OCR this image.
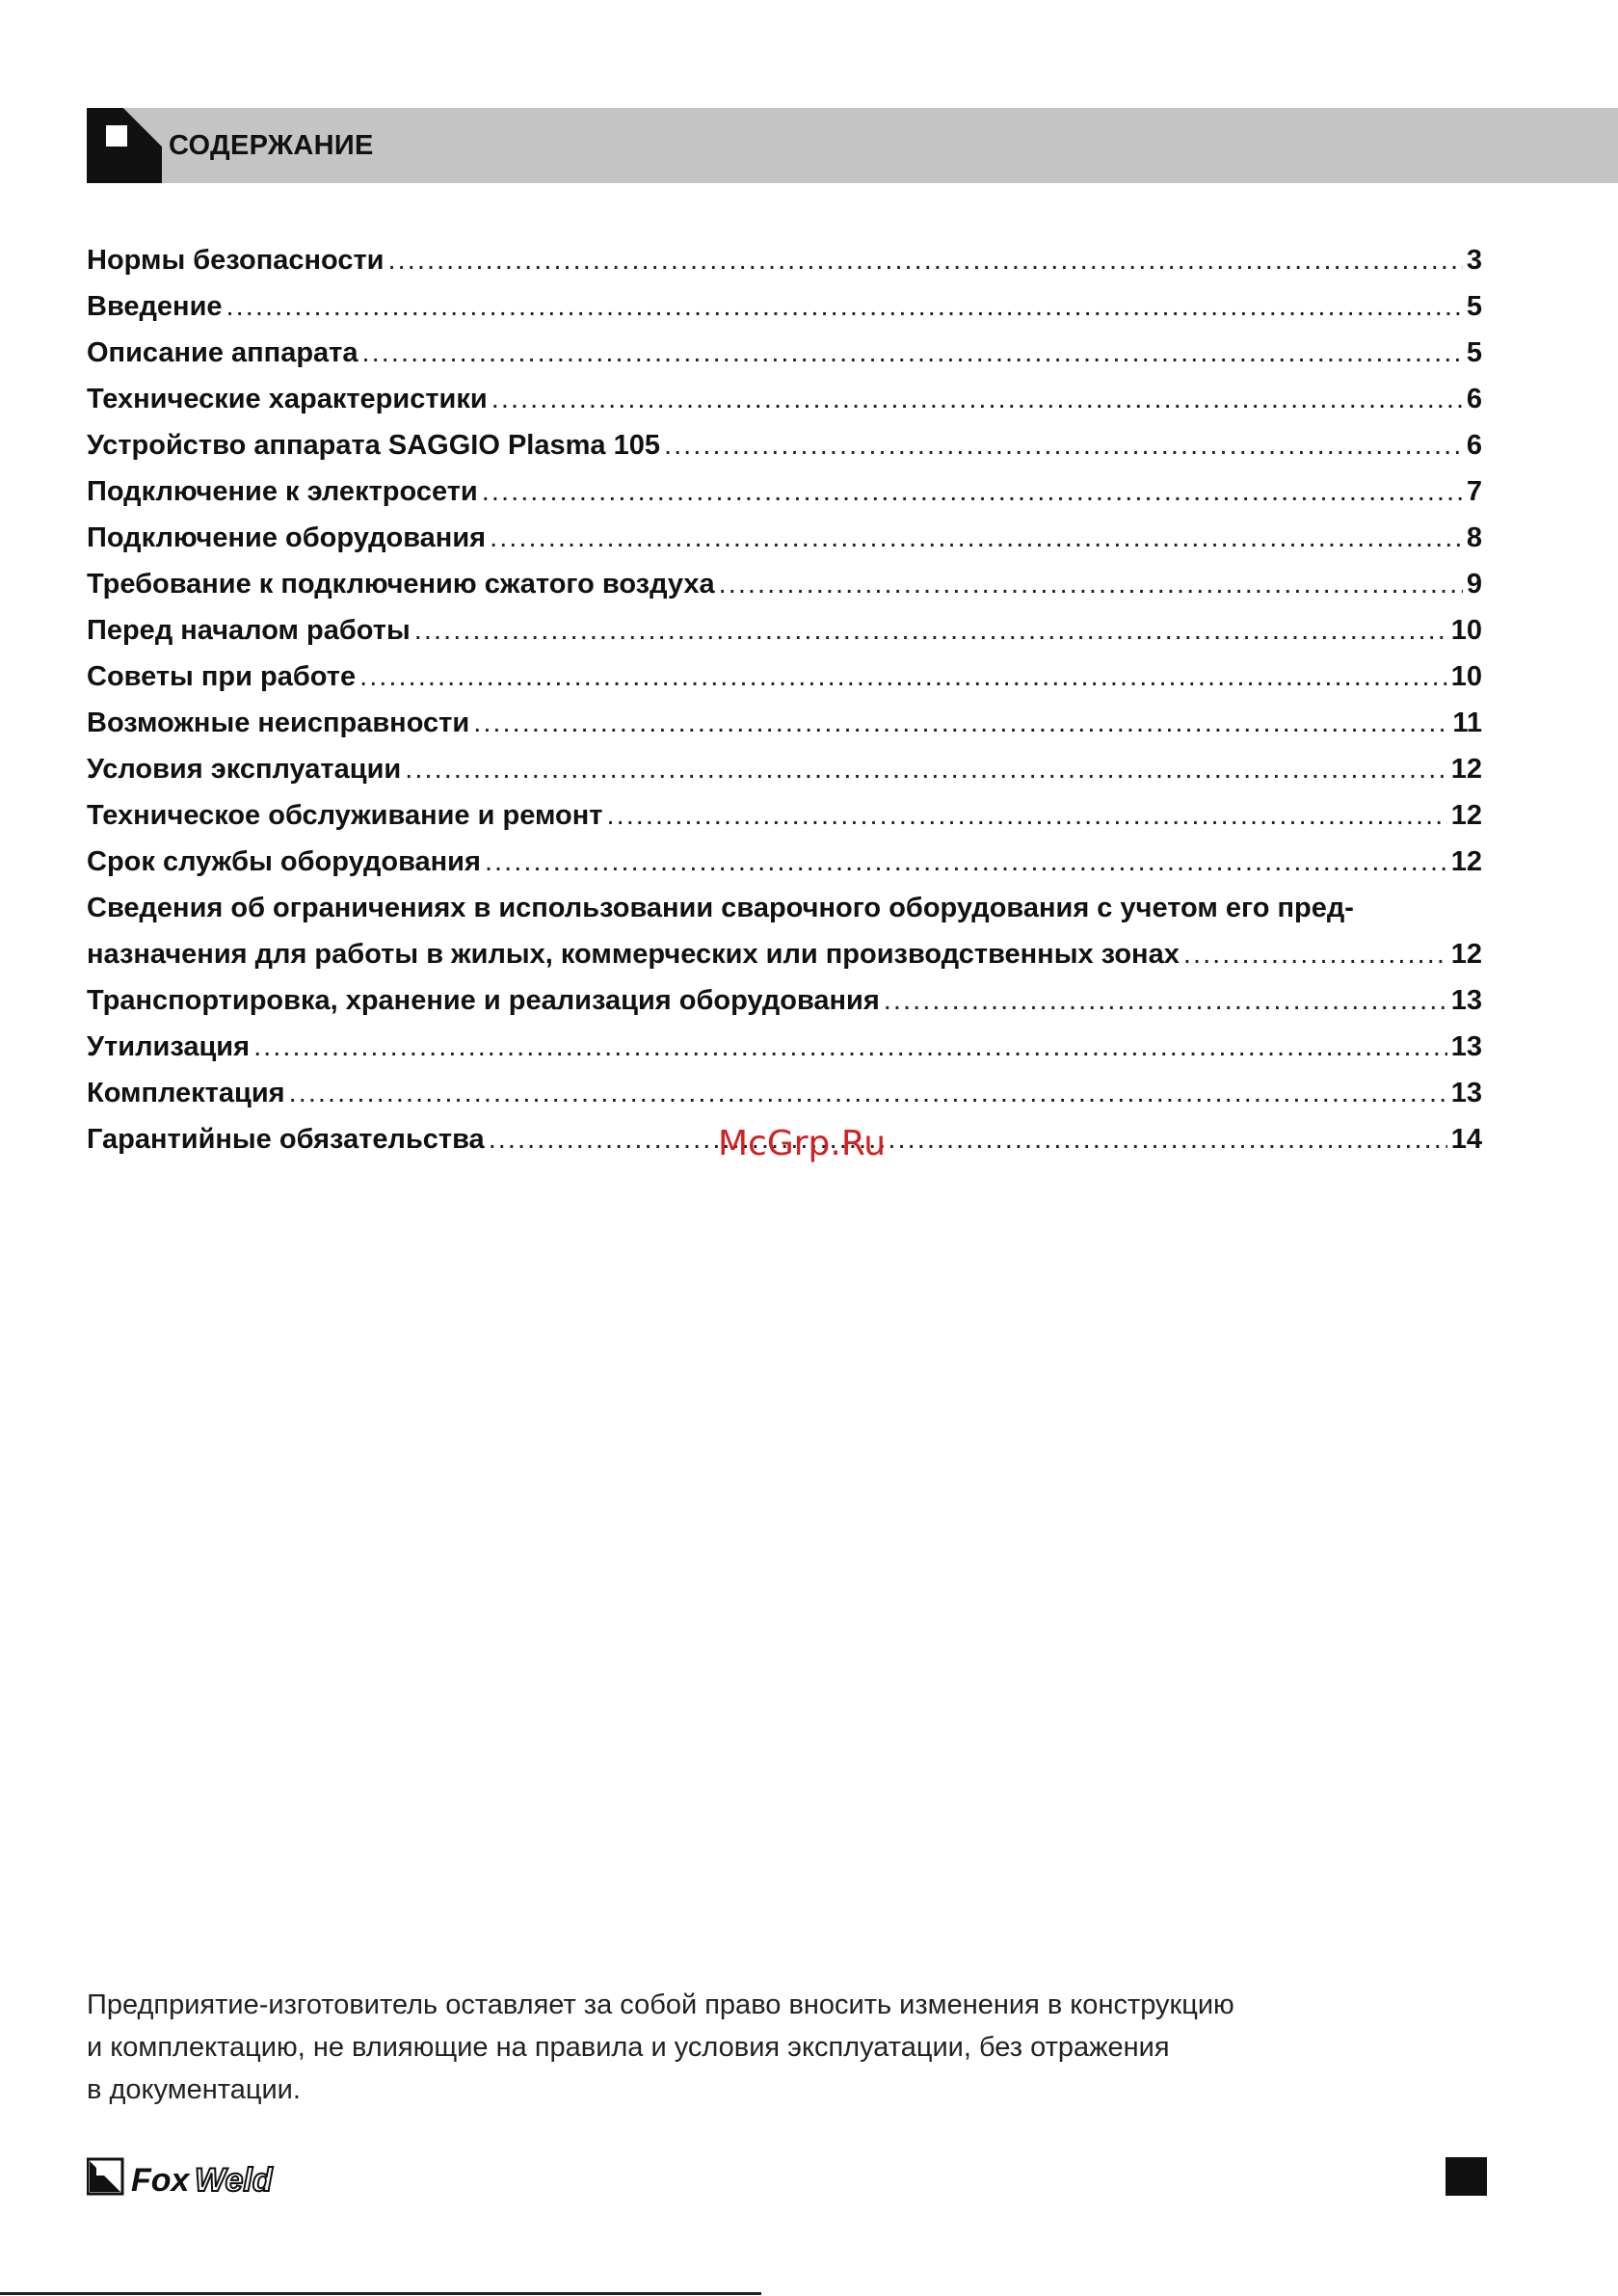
СОДЕРЖАНИЕ
Нормы безопасности . . .	3
Введение . . .	5
Описание аппарата . . .	5
Технические характеристики . . .	6
Устройство аппарата SAGGIO Plasma 105 . . .	6
Подключение к электросети . . .	7
Подключение оборудования . . .	8
Требование к подключению сжатого воздуха . . .	9
Перед началом работы . . .	10
Советы при работе . . .	10
Возможные неисправности . . .	11
Условия эксплуатации . . .	12
Техническое обслуживание и ремонт . . .	12
Срок службы оборудования . . .	12
Сведения об ограничениях в использовании сварочного оборудования с учетом его пред-
назначения для работы в жилых, коммерческих или производственных зонах . . .	12
Транспортировка, хранение и реализация оборудования . . .	13
Утилизация . . .	13
Комплектация . . .	13
Гарантийные обязательства . . .	14
McGrp.Ru
Предприятие-изготовитель оставляет за собой право вносить изменения в конструкцию
и комплектацию, не влияющие на правила и условия эксплуатации, без отражения
в документации.
Fox Weld
